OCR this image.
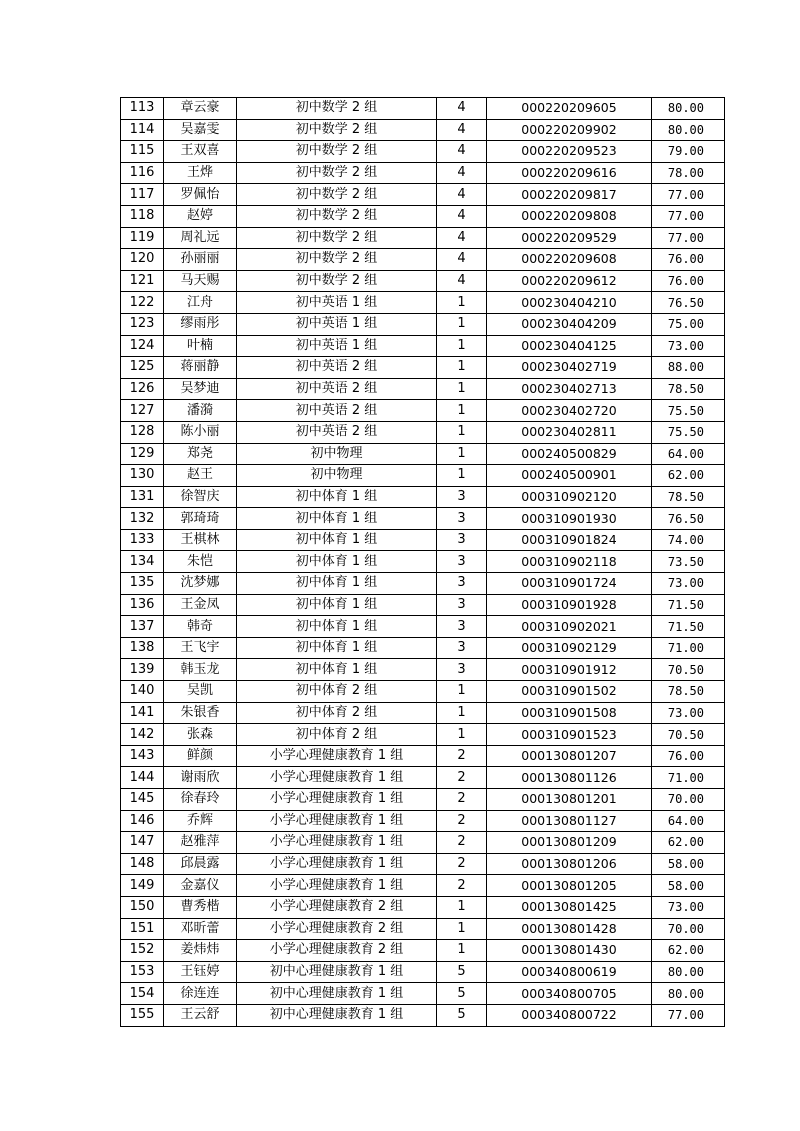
113	章云豪	初中数学 2 组	4	000220209605	80.00
114	吴嘉雯	初中数学 2 组	4	000220209902	80.00
115	王双喜	初中数学 2 组	4	000220209523	79.00
116	王烨	初中数学 2 组	4	000220209616	78.00
117	罗佩怡	初中数学 2 组	4	000220209817	77.00
118	赵婷	初中数学 2 组	4	000220209808	77.00
119	周礼远	初中数学 2 组	4	000220209529	77.00
120	孙丽丽	初中数学 2 组	4	000220209608	76.00
121	马天赐	初中数学 2 组	4	000220209612	76.00
122	江舟	初中英语 1 组	1	000230404210	76.50
123	缪雨彤	初中英语 1 组	1	000230404209	75.00
124	叶楠	初中英语 1 组	1	000230404125	73.00
125	蒋丽静	初中英语 2 组	1	000230402719	88.00
126	吴梦迪	初中英语 2 组	1	000230402713	78.50
127	潘漪	初中英语 2 组	1	000230402720	75.50
128	陈小丽	初中英语 2 组	1	000230402811	75.50
129	郑尧	初中物理	1	000240500829	64.00
130	赵王	初中物理	1	000240500901	62.00
131	徐智庆	初中体育 1 组	3	000310902120	78.50
132	郭琦琦	初中体育 1 组	3	000310901930	76.50
133	王棋林	初中体育 1 组	3	000310901824	74.00
134	朱恺	初中体育 1 组	3	000310902118	73.50
135	沈梦娜	初中体育 1 组	3	000310901724	73.00
136	王金凤	初中体育 1 组	3	000310901928	71.50
137	韩奇	初中体育 1 组	3	000310902021	71.50
138	王飞宇	初中体育 1 组	3	000310902129	71.00
139	韩玉龙	初中体育 1 组	3	000310901912	70.50
140	吴凯	初中体育 2 组	1	000310901502	78.50
141	朱银香	初中体育 2 组	1	000310901508	73.00
142	张森	初中体育 2 组	1	000310901523	70.50
143	鲜颜	小学心理健康教育 1 组	2	000130801207	76.00
144	谢雨欣	小学心理健康教育 1 组	2	000130801126	71.00
145	徐春玲	小学心理健康教育 1 组	2	000130801201	70.00
146	乔辉	小学心理健康教育 1 组	2	000130801127	64.00
147	赵雅萍	小学心理健康教育 1 组	2	000130801209	62.00
148	邱晨露	小学心理健康教育 1 组	2	000130801206	58.00
149	金嘉仪	小学心理健康教育 1 组	2	000130801205	58.00
150	曹秀楷	小学心理健康教育 2 组	1	000130801425	73.00
151	邓昕蕾	小学心理健康教育 2 组	1	000130801428	70.00
152	姜炜炜	小学心理健康教育 2 组	1	000130801430	62.00
153	王钰婷	初中心理健康教育 1 组	5	000340800619	80.00
154	徐连连	初中心理健康教育 1 组	5	000340800705	80.00
155	王云舒	初中心理健康教育 1 组	5	000340800722	77.00
